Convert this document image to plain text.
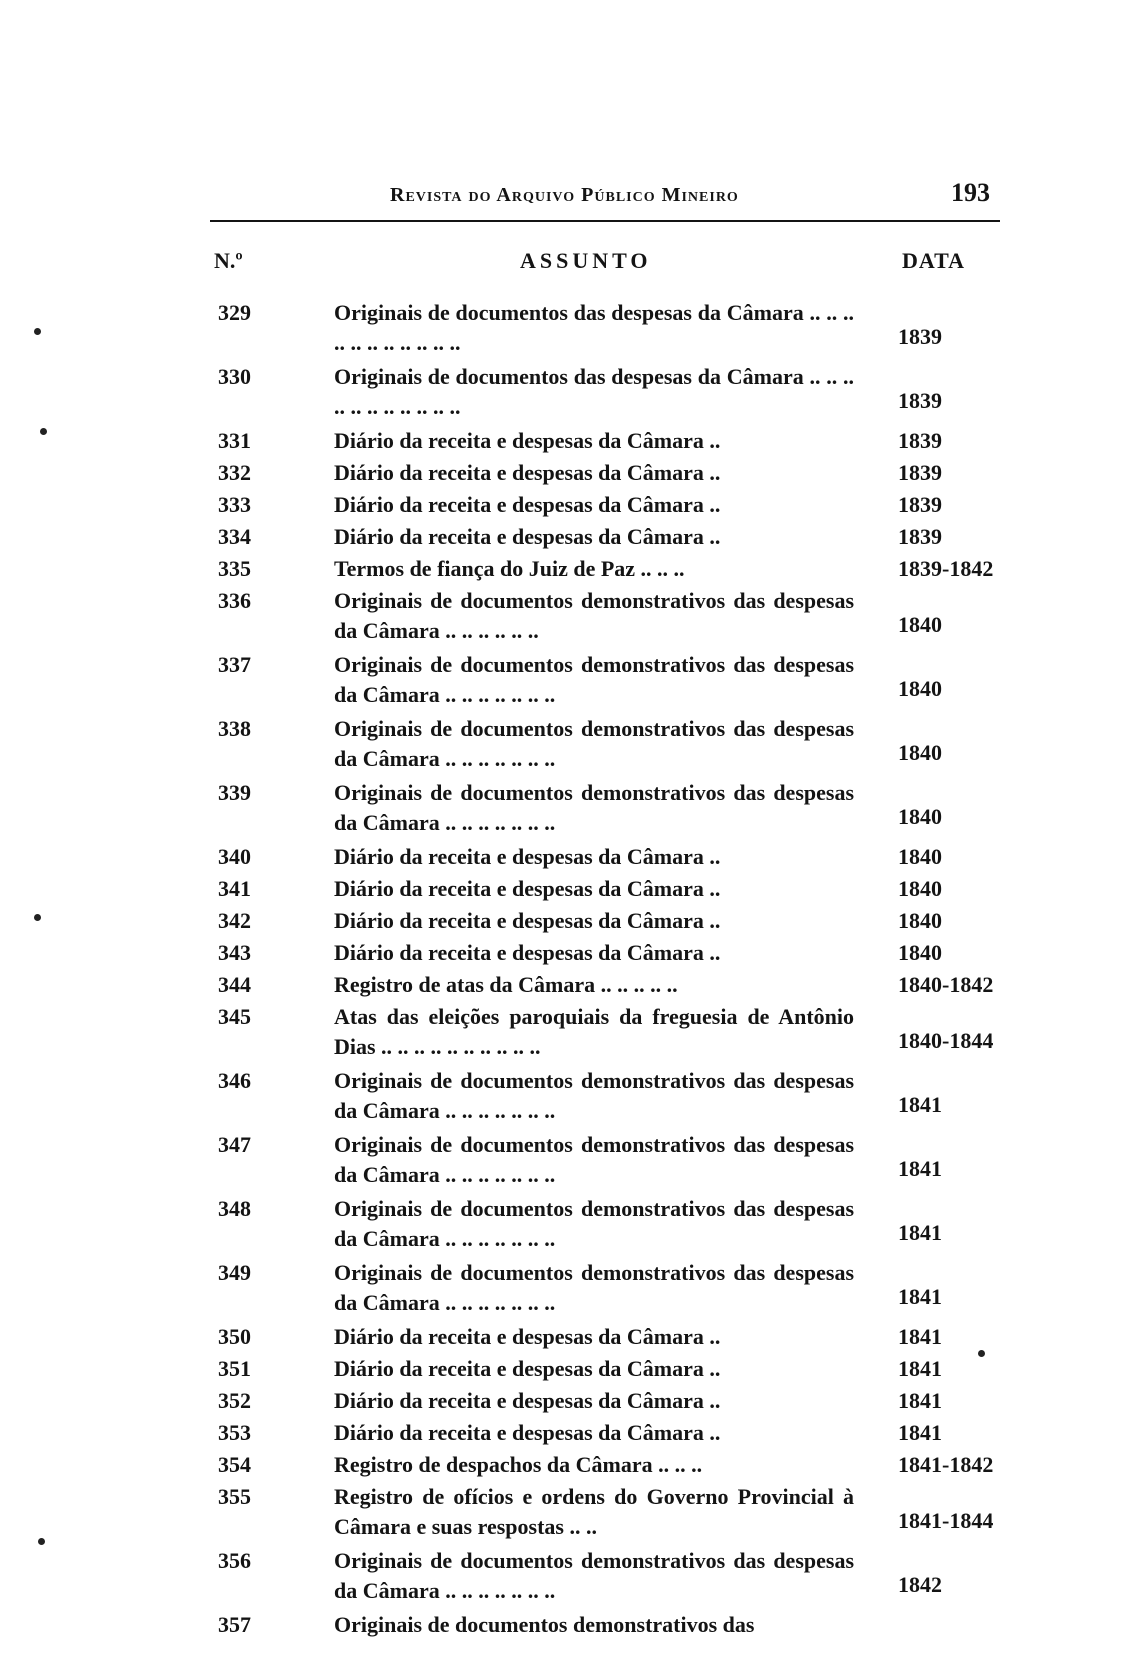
Revista do Arquivo Público Mineiro	193
N.º	ASSUNTO	DATA
329	Originais de documentos das despesas da Câmara .. .. .. .. .. .. .. .. .. .. ..	1839
330	Originais de documentos das despesas da Câmara .. .. .. .. .. .. .. .. .. .. ..	1839
331	Diário da receita e despesas da Câmara ..	1839
332	Diário da receita e despesas da Câmara ..	1839
333	Diário da receita e despesas da Câmara ..	1839
334	Diário da receita e despesas da Câmara ..	1839
335	Termos de fiança do Juiz de Paz .. .. ..	1839-1842
336	Originais de documentos demonstrativos das despesas da Câmara .. .. .. .. .. ..	1840
337	Originais de documentos demonstrativos das despesas da Câmara .. .. .. .. .. .. ..	1840
338	Originais de documentos demonstrativos das despesas da Câmara .. .. .. .. .. .. ..	1840
339	Originais de documentos demonstrativos das despesas da Câmara .. .. .. .. .. .. ..	1840
340	Diário da receita e despesas da Câmara ..	1840
341	Diário da receita e despesas da Câmara ..	1840
342	Diário da receita e despesas da Câmara ..	1840
343	Diário da receita e despesas da Câmara ..	1840
344	Registro de atas da Câmara .. .. .. .. ..	1840-1842
345	Atas das eleições paroquiais da freguesia de Antônio Dias .. .. .. .. .. .. .. .. .. ..	1840-1844
346	Originais de documentos demonstrativos das despesas da Câmara .. .. .. .. .. .. ..	1841
347	Originais de documentos demonstrativos das despesas da Câmara .. .. .. .. .. .. ..	1841
348	Originais de documentos demonstrativos das despesas da Câmara .. .. .. .. .. .. ..	1841
349	Originais de documentos demonstrativos das despesas da Câmara .. .. .. .. .. .. ..	1841
350	Diário da receita e despesas da Câmara ..	1841
351	Diário da receita e despesas da Câmara ..	1841
352	Diário da receita e despesas da Câmara ..	1841
353	Diário da receita e despesas da Câmara ..	1841
354	Registro de despachos da Câmara .. .. ..	1841-1842
355	Registro de ofícios e ordens do Governo Provincial à Câmara e suas respostas .. ..	1841-1844
356	Originais de documentos demonstrativos das despesas da Câmara .. .. .. .. .. .. ..	1842
357	Originais de documentos demonstrativos das
